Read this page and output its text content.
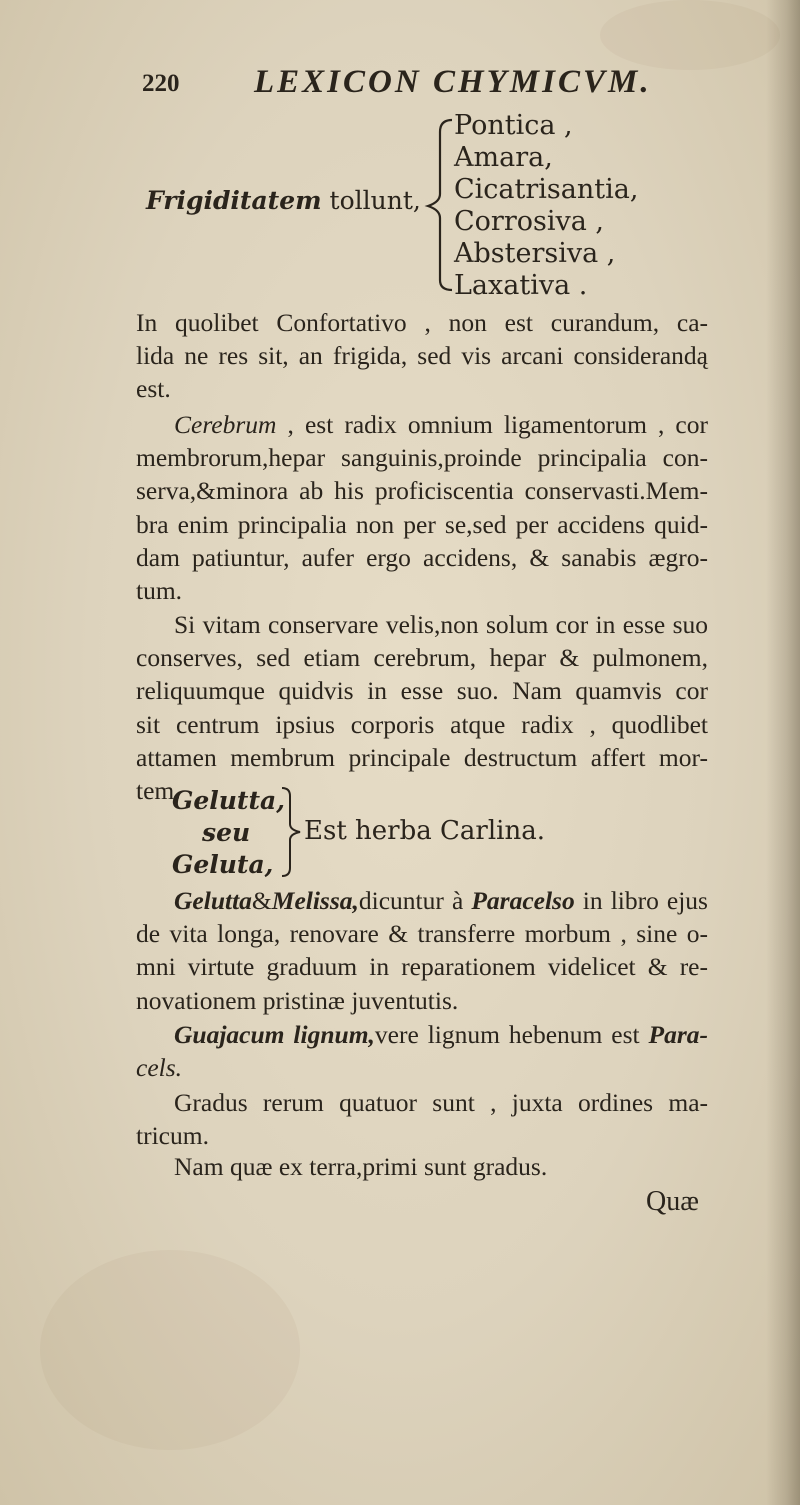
220 LEXICON CHYMICVM.
Frigiditatem tollunt,
Pontica ,
Amara,
Cicatrisantia,
Corrosiva ,
Abstersiva ,
Laxativa .
In quolibet Confortativo , non est curandum, ca-
lida ne res sit, an frigida, sed vis arcani considerandą
est.
Cerebrum , est radix omnium ligamentorum , cor
membrorum,hepar sanguinis,proinde principalia con-
serva,&minora ab his proficiscentia conservasti.Mem-
bra enim principalia non per se,sed per accidens quid-
dam patiuntur, aufer ergo accidens, & sanabis ægro-
tum.
Si vitam conservare velis,non solum cor in esse suo
conserves, sed etiam cerebrum, hepar & pulmonem,
reliquumque quidvis in esse suo. Nam quamvis cor
sit centrum ipsius corporis atque radix , quodlibet
attamen membrum principale destructum affert mor-
tem.
Gelutta,
seu
Geluta,
Est herba Carlina.
Gelutta&Melissa,dicuntur à Paracelso in libro ejus
de vita longa, renovare & transferre morbum , sine o-
mni virtute graduum in reparationem videlicet & re-
novationem pristinæ juventutis.
Guajacum lignum,vere lignum hebenum est Para-
cels.
Gradus rerum quatuor sunt , juxta ordines ma-
tricum.
Nam quæ ex terra,primi sunt gradus.
Quæ
